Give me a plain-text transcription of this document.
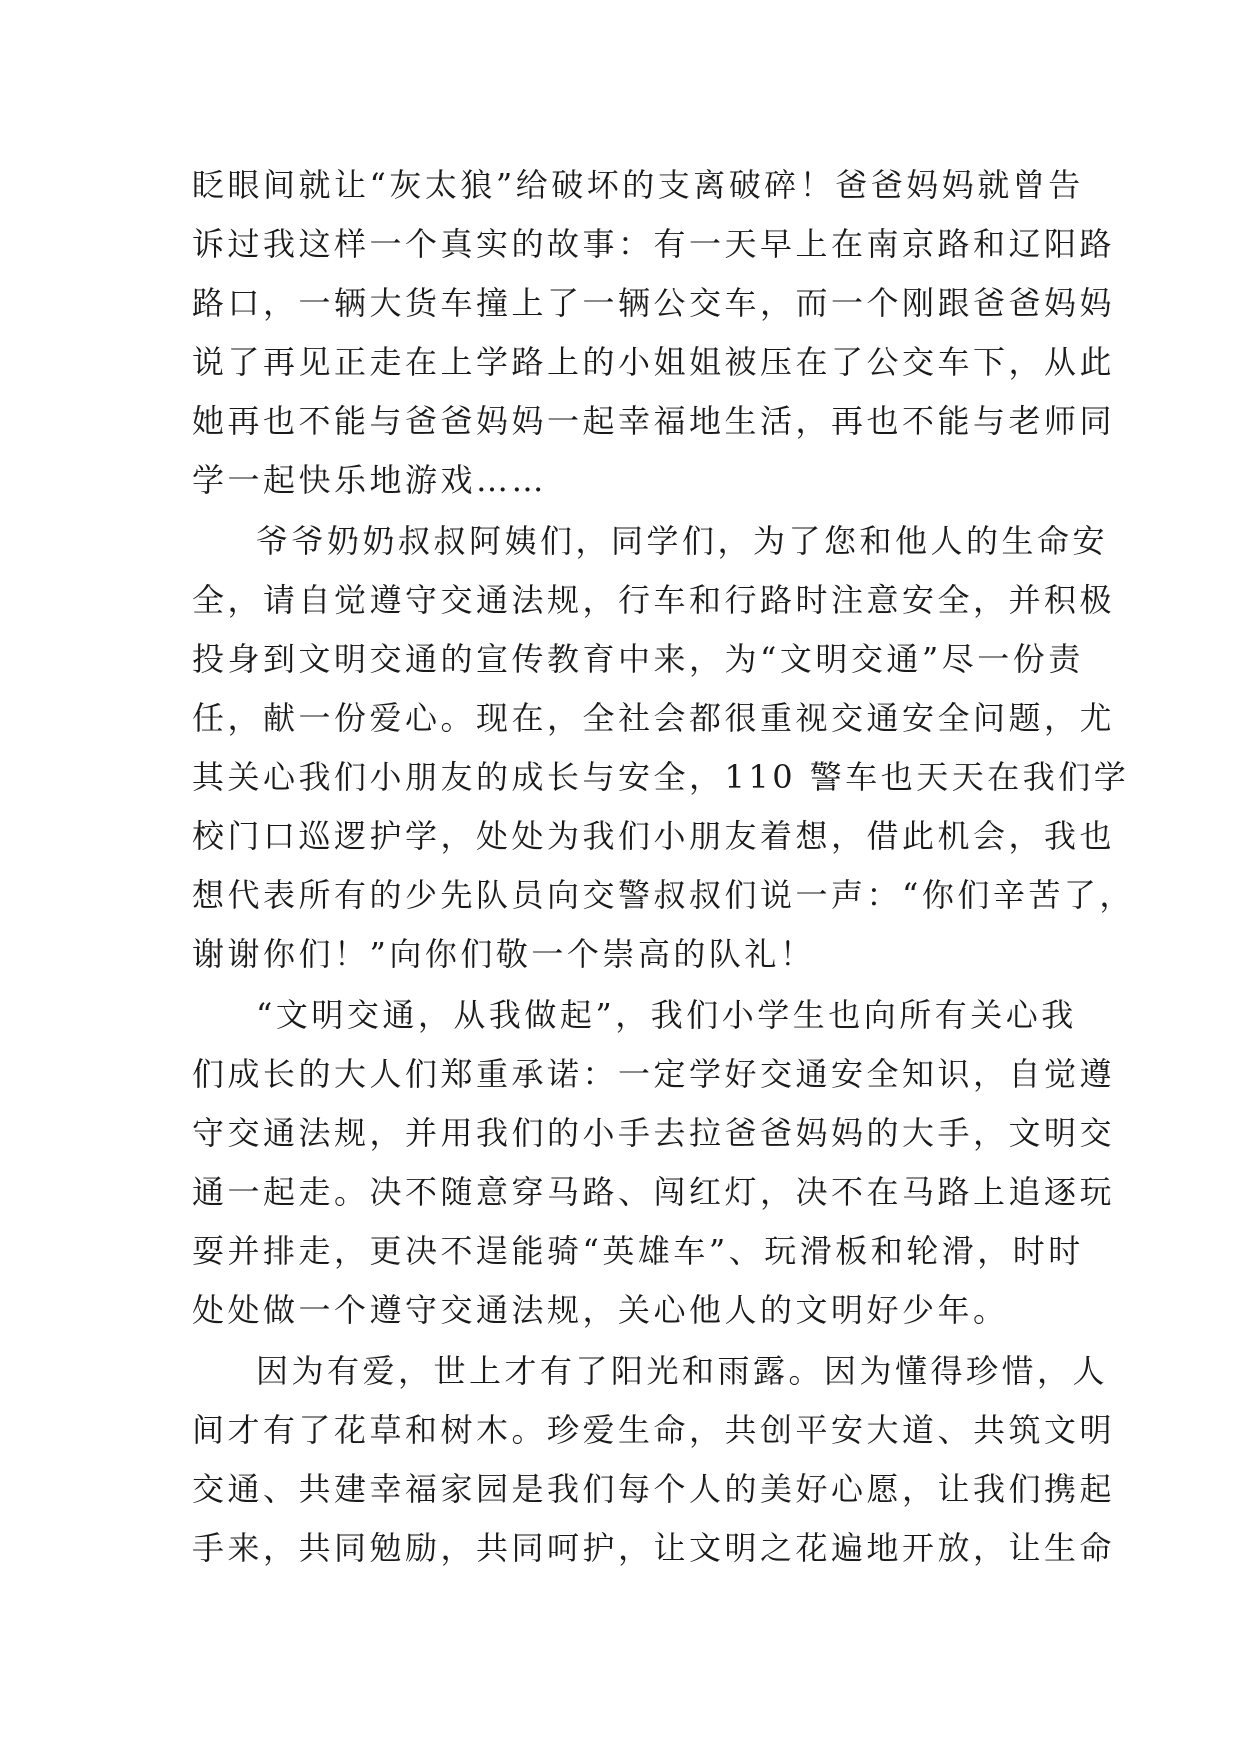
眨眼间就让“灰太狼”给破坏的支离破碎！爸爸妈妈就曾告
诉过我这样一个真实的故事：有一天早上在南京路和辽阳路
路口，一辆大货车撞上了一辆公交车，而一个刚跟爸爸妈妈
说了再见正走在上学路上的小姐姐被压在了公交车下，从此
她再也不能与爸爸妈妈一起幸福地生活，再也不能与老师同
学一起快乐地游戏……
爷爷奶奶叔叔阿姨们，同学们，为了您和他人的生命安
全，请自觉遵守交通法规，行车和行路时注意安全，并积极
投身到文明交通的宣传教育中来，为“文明交通”尽一份责
任，献一份爱心。现在，全社会都很重视交通安全问题，尤
其关心我们小朋友的成长与安全，110 警车也天天在我们学
校门口巡逻护学，处处为我们小朋友着想，借此机会，我也
想代表所有的少先队员向交警叔叔们说一声：“你们辛苦了，
谢谢你们！”向你们敬一个崇高的队礼！
“文明交通，从我做起”，我们小学生也向所有关心我
们成长的大人们郑重承诺：一定学好交通安全知识，自觉遵
守交通法规，并用我们的小手去拉爸爸妈妈的大手，文明交
通一起走。决不随意穿马路、闯红灯，决不在马路上追逐玩
耍并排走，更决不逞能骑“英雄车”、玩滑板和轮滑，时时
处处做一个遵守交通法规，关心他人的文明好少年。
因为有爱，世上才有了阳光和雨露。因为懂得珍惜，人
间才有了花草和树木。珍爱生命，共创平安大道、共筑文明
交通、共建幸福家园是我们每个人的美好心愿，让我们携起
手来，共同勉励，共同呵护，让文明之花遍地开放，让生命
